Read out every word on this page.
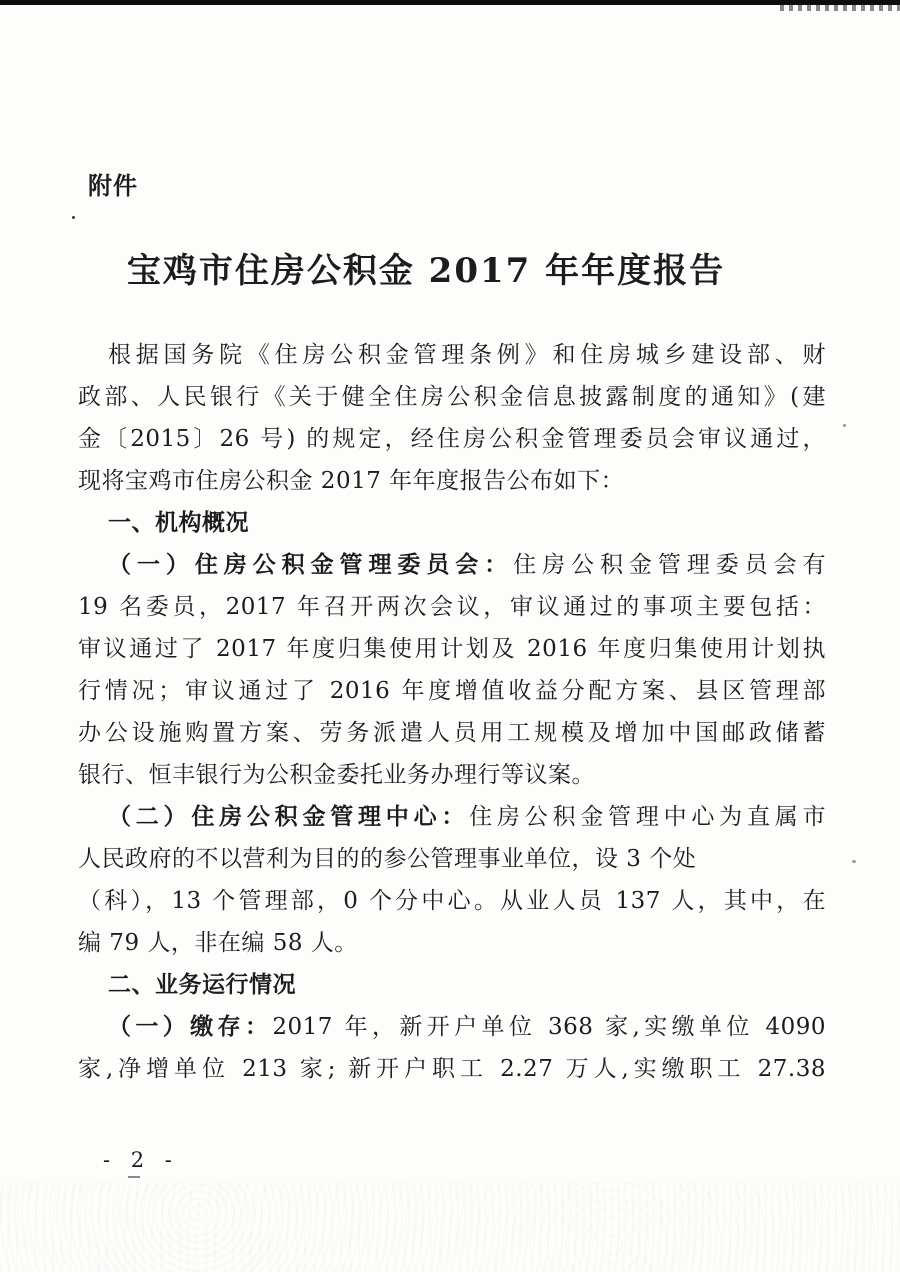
附件
宝鸡市住房公积金 2017 年年度报告
根据国务院《住房公积金管理条例》和住房城乡建设部、财
政部、人民银行《关于健全住房公积金信息披露制度的通知》(建
金〔2015〕26 号) 的规定，经住房公积金管理委员会审议通过，
现将宝鸡市住房公积金 2017 年年度报告公布如下：
一、机构概况
（一）住房公积金管理委员会：住房公积金管理委员会有
19 名委员，2017 年召开两次会议，审议通过的事项主要包括：
审议通过了 2017 年度归集使用计划及 2016 年度归集使用计划执
行情况；审议通过了 2016 年度增值收益分配方案、县区管理部
办公设施购置方案、劳务派遣人员用工规模及增加中国邮政储蓄
银行、恒丰银行为公积金委托业务办理行等议案。
（二）住房公积金管理中心：住房公积金管理中心为直属市
人民政府的不以营利为目的的参公管理事业单位，设 3 个处
（科），13 个管理部，0 个分中心。从业人员 137 人，其中，在
编 79 人，非在编 58 人。
二、业务运行情况
（一）缴存：2017 年，新开户单位 368 家,实缴单位 4090
家,净增单位 213 家; 新开户职工 2.27 万人,实缴职工 27.38
- 2 -
